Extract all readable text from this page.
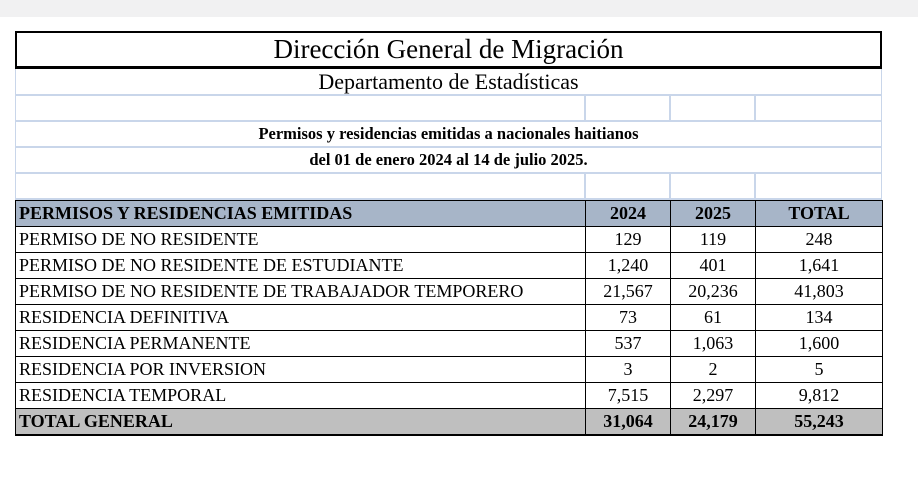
Dirección General de Migración
Departamento de Estadísticas
Permisos y residencias emitidas a nacionales haitianos
del 01 de enero 2024 al 14 de julio 2025.
PERMISOS Y RESIDENCIAS EMITIDAS	2024	2025	TOTAL
PERMISO DE NO RESIDENTE	129	119	248
PERMISO DE NO RESIDENTE DE ESTUDIANTE	1,240	401	1,641
PERMISO DE NO RESIDENTE DE TRABAJADOR TEMPORERO	21,567	20,236	41,803
RESIDENCIA DEFINITIVA	73	61	134
RESIDENCIA PERMANENTE	537	1,063	1,600
RESIDENCIA POR INVERSION	3	2	5
RESIDENCIA TEMPORAL	7,515	2,297	9,812
TOTAL GENERAL	31,064	24,179	55,243
